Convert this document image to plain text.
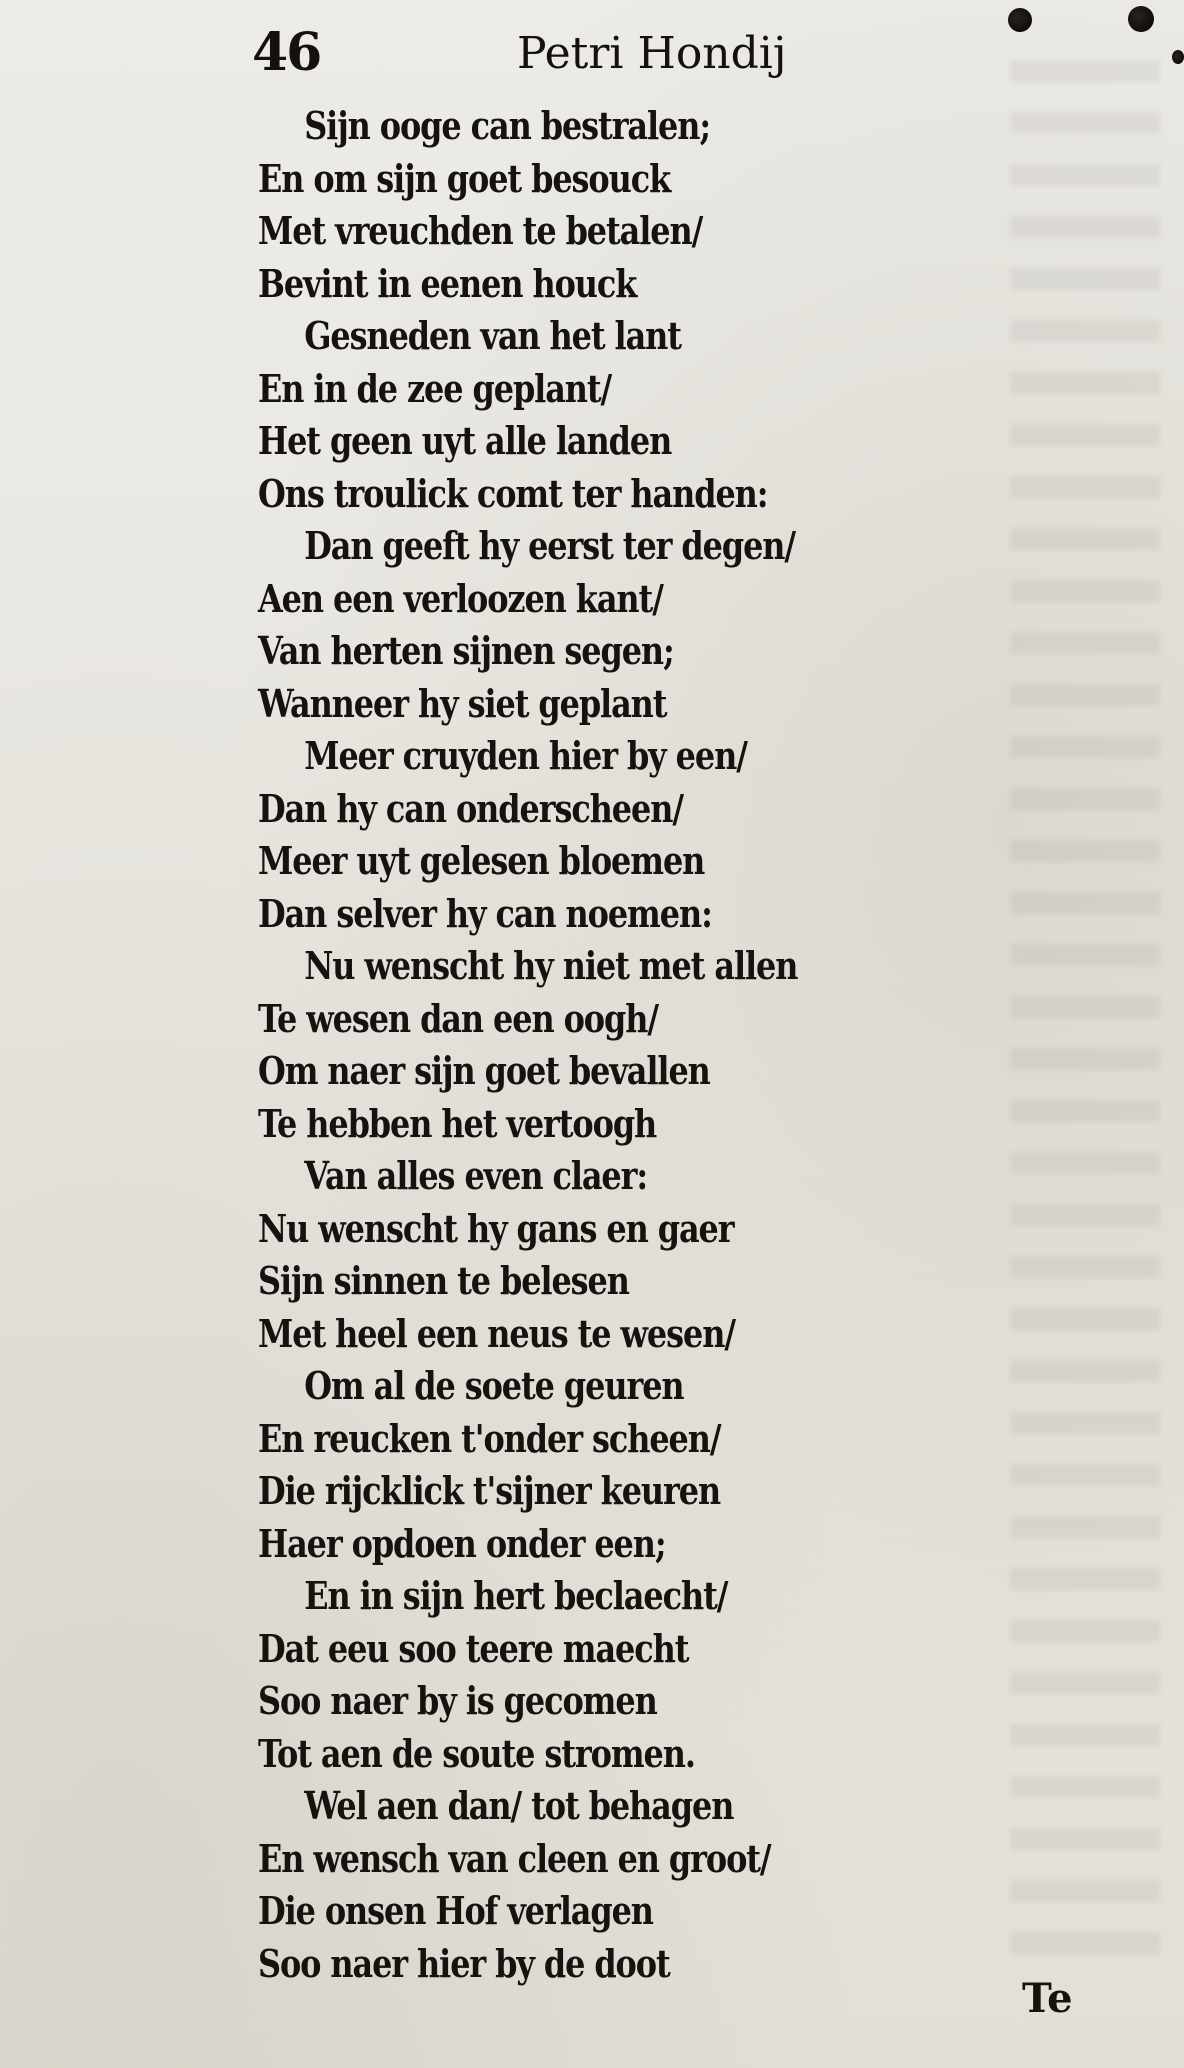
46	Petri Hondij
Sijn ooge can bestralen;
En om sijn goet besouck
Met vreuchden te betalen/
Bevint in eenen houck
Gesneden van het lant
En in de zee geplant/
Het geen uyt alle landen
Ons troulick comt ter handen:
Dan geeft hy eerst ter degen/
Aen een verloozen kant/
Van herten sijnen segen;
Wanneer hy siet geplant
Meer cruyden hier by een/
Dan hy can onderscheen/
Meer uyt gelesen bloemen
Dan selver hy can noemen:
Nu wenscht hy niet met allen
Te wesen dan een oogh/
Om naer sijn goet bevallen
Te hebben het vertoogh
Van alles even claer:
Nu wenscht hy gans en gaer
Sijn sinnen te belesen
Met heel een neus te wesen/
Om al de soete geuren
En reucken t'onder scheen/
Die rijcklick t'sijner keuren
Haer opdoen onder een;
En in sijn hert beclaecht/
Dat eeu soo teere maecht
Soo naer by is gecomen
Tot aen de soute stromen.
Wel aen dan/ tot behagen
En wensch van cleen en groot/
Die onsen Hof verlagen
Soo naer hier by de doot
Te
